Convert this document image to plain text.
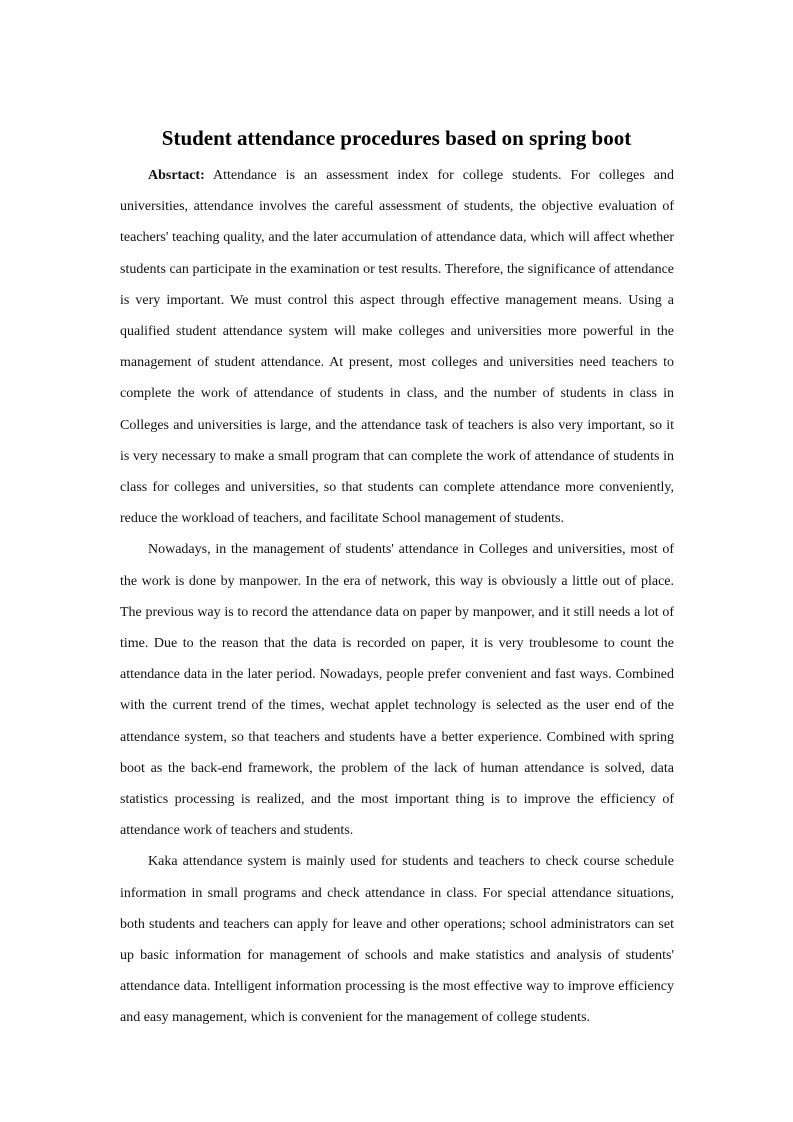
Student attendance procedures based on spring boot

Absrtact: Attendance is an assessment index for college students. For colleges and universities, attendance involves the careful assessment of students, the objective evaluation of teachers' teaching quality, and the later accumulation of attendance data, which will affect whether students can participate in the examination or test results. Therefore, the significance of attendance is very important. We must control this aspect through effective management means. Using a qualified student attendance system will make colleges and universities more powerful in the management of student attendance. At present, most colleges and universities need teachers to complete the work of attendance of students in class, and the number of students in class in Colleges and universities is large, and the attendance task of teachers is also very important, so it is very necessary to make a small program that can complete the work of attendance of students in class for colleges and universities, so that students can complete attendance more conveniently, reduce the workload of teachers, and facilitate School management of students.

Nowadays, in the management of students' attendance in Colleges and universities, most of the work is done by manpower. In the era of network, this way is obviously a little out of place. The previous way is to record the attendance data on paper by manpower, and it still needs a lot of time. Due to the reason that the data is recorded on paper, it is very troublesome to count the attendance data in the later period. Nowadays, people prefer convenient and fast ways. Combined with the current trend of the times, wechat applet technology is selected as the user end of the attendance system, so that teachers and students have a better experience. Combined with spring boot as the back-end framework, the problem of the lack of human attendance is solved, data statistics processing is realized, and the most important thing is to improve the efficiency of attendance work of teachers and students.

Kaka attendance system is mainly used for students and teachers to check course schedule information in small programs and check attendance in class. For special attendance situations, both students and teachers can apply for leave and other operations; school administrators can set up basic information for management of schools and make statistics and analysis of students' attendance data. Intelligent information processing is the most effective way to improve efficiency and easy management, which is convenient for the management of college students.
